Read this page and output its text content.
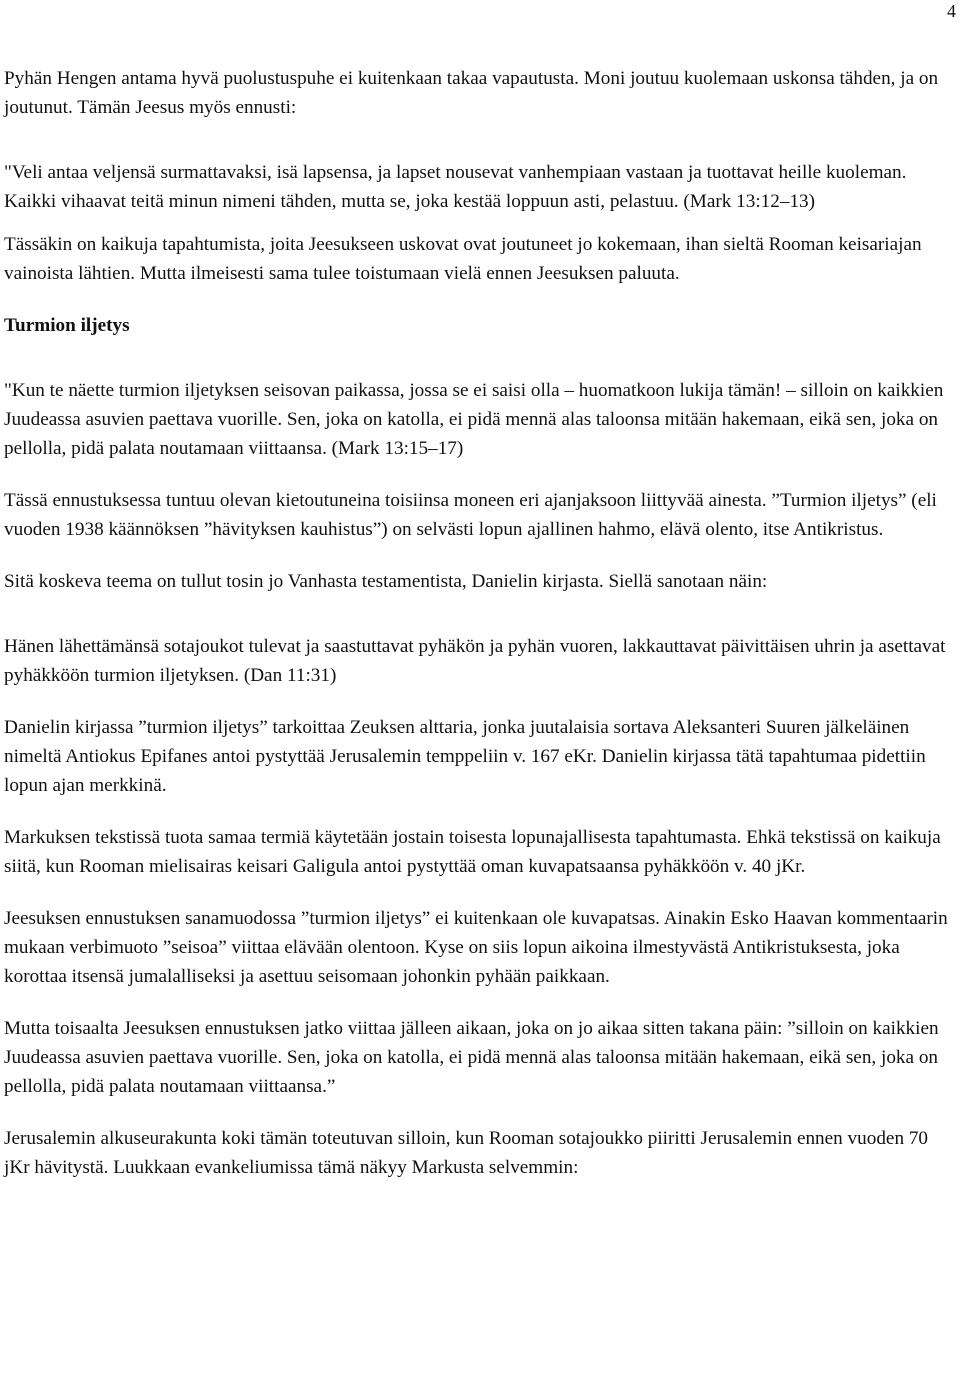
4

Pyhän Hengen antama hyvä puolustuspuhe ei kuitenkaan takaa vapautusta. Moni joutuu kuolemaan uskonsa tähden, ja on joutunut. Tämän Jeesus myös ennusti:

"Veli antaa veljensä surmattavaksi, isä lapsensa, ja lapset nousevat vanhempiaan vastaan ja tuottavat heille kuoleman. Kaikki vihaavat teitä minun nimeni tähden, mutta se, joka kestää loppuun asti, pelastuu. (Mark 13:12–13)

Tässäkin on kaikuja tapahtumista, joita Jeesukseen uskovat ovat joutuneet jo kokemaan, ihan sieltä Rooman keisariajan vainoista lähtien. Mutta ilmeisesti sama tulee toistumaan vielä ennen Jeesuksen paluuta.

Turmion iljetys

"Kun te näette turmion iljetyksen seisovan paikassa, jossa se ei saisi olla – huomatkoon lukija tämän! – silloin on kaikkien Juudeassa asuvien paettava vuorille. Sen, joka on katolla, ei pidä mennä alas taloonsa mitään hakemaan, eikä sen, joka on pellolla, pidä palata noutamaan viittaansa. (Mark 13:15–17)

Tässä ennustuksessa tuntuu olevan kietoutuneina toisiinsa moneen eri ajanjaksoon liittyvää ainesta. ”Turmion iljetys” (eli vuoden 1938 käännöksen ”hävityksen kauhistus”) on selvästi lopun ajallinen hahmo, elävä olento, itse Antikristus.

Sitä koskeva teema on tullut tosin jo Vanhasta testamentista, Danielin kirjasta. Siellä sanotaan näin:

Hänen lähettämänsä sotajoukot tulevat ja saastuttavat pyhäkön ja pyhän vuoren, lakkauttavat päivittäisen uhrin ja asettavat pyhäkköön turmion iljetyksen. (Dan 11:31)

Danielin kirjassa ”turmion iljetys” tarkoittaa Zeuksen alttaria, jonka juutalaisia sortava Aleksanteri Suuren jälkeläinen nimeltä Antiokus Epifanes antoi pystyttää Jerusalemin temppeliin v. 167 eKr. Danielin kirjassa tätä tapahtumaa pidettiin lopun ajan merkkinä.

Markuksen tekstissä tuota samaa termiä käytetään jostain toisesta lopunajallisesta tapahtumasta. Ehkä tekstissä on kaikuja siitä, kun Rooman mielisairas keisari Galigula antoi pystyttää oman kuvapatsaansa pyhäkköön v. 40 jKr.

Jeesuksen ennustuksen sanamuodossa ”turmion iljetys” ei kuitenkaan ole kuvapatsas. Ainakin Esko Haavan kommentaarin mukaan verbimuoto ”seisoa” viittaa elävään olentoon. Kyse on siis lopun aikoina ilmestyvästä Antikristuksesta, joka korottaa itsensä jumalalliseksi ja asettuu seisomaan johonkin pyhään paikkaan.

Mutta toisaalta Jeesuksen ennustuksen jatko viittaa jälleen aikaan, joka on jo aikaa sitten takana päin: ”silloin on kaikkien Juudeassa asuvien paettava vuorille. Sen, joka on katolla, ei pidä mennä alas taloonsa mitään hakemaan, eikä sen, joka on pellolla, pidä palata noutamaan viittaansa.”

Jerusalemin alkuseurakunta koki tämän toteutuvan silloin, kun Rooman sotajoukko piiritti Jerusalemin ennen vuoden 70 jKr hävitystä. Luukkaan evankeliumissa tämä näkyy Markusta selvemmin:
